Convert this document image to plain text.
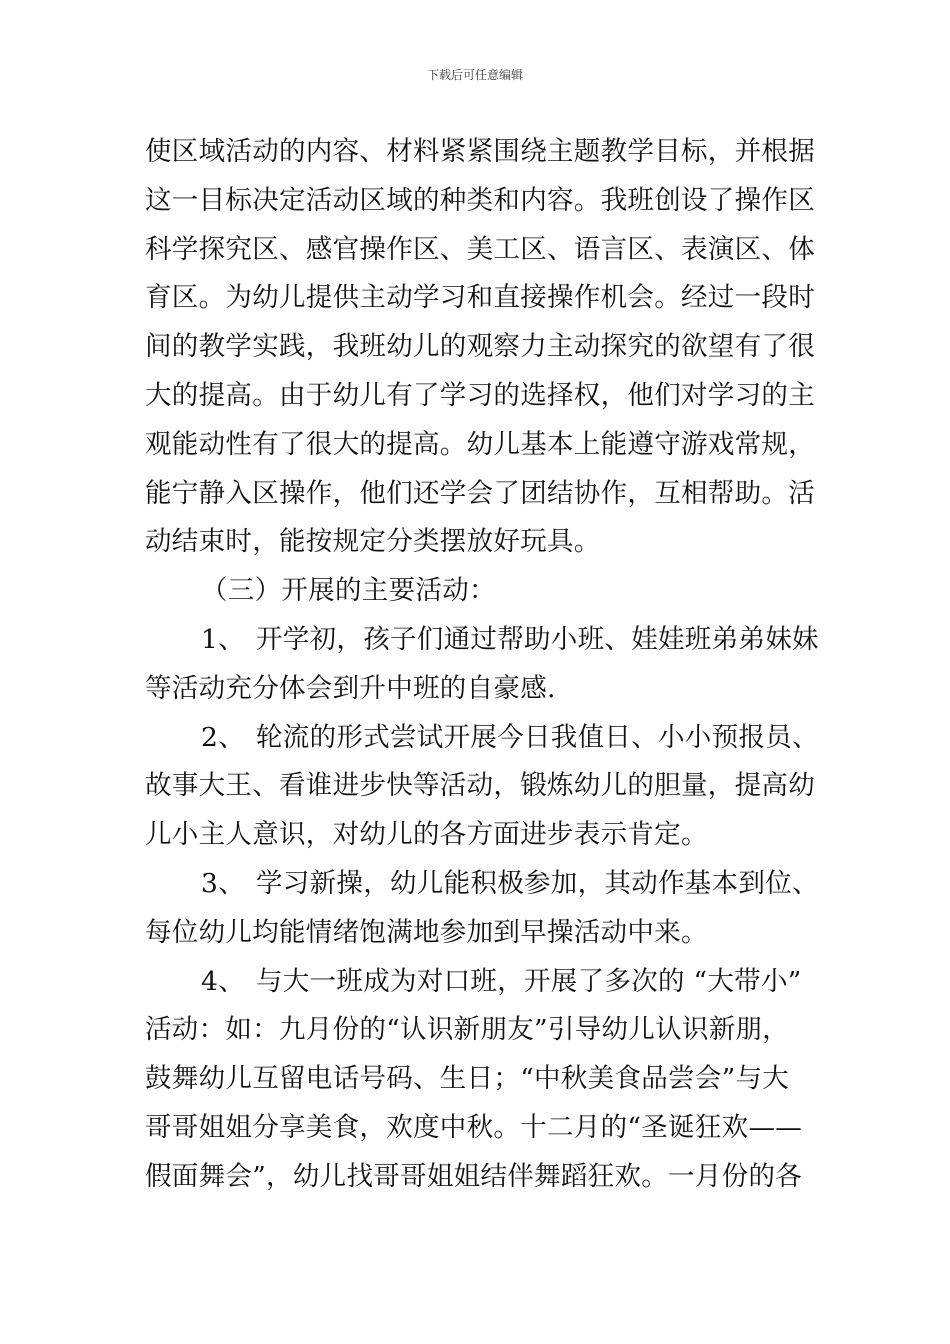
下载后可任意编辑
使区域活动的内容、材料紧紧围绕主题教学目标，并根据
这一目标决定活动区域的种类和内容。我班创设了操作区
科学探究区、感官操作区、美工区、语言区、表演区、体
育区。为幼儿提供主动学习和直接操作机会。经过一段时
间的教学实践，我班幼儿的观察力主动探究的欲望有了很
大的提高。由于幼儿有了学习的选择权，他们对学习的主
观能动性有了很大的提高。幼儿基本上能遵守游戏常规，
能宁静入区操作，他们还学会了团结协作，互相帮助。活
动结束时，能按规定分类摆放好玩具。
（三）开展的主要活动：
1、 开学初，孩子们通过帮助小班、娃娃班弟弟妹妹
等活动充分体会到升中班的自豪感.
2、 轮流的形式尝试开展今日我值日、小小预报员、
故事大王、看谁进步快等活动，锻炼幼儿的胆量，提高幼
儿小主人意识，对幼儿的各方面进步表示肯定。
3、 学习新操，幼儿能积极参加，其动作基本到位、
每位幼儿均能情绪饱满地参加到早操活动中来。
4、 与大一班成为对口班，开展了多次的 “大带小”
活动：如：九月份的“认识新朋友”引导幼儿认识新朋，
鼓舞幼儿互留电话号码、生日；“中秋美食品尝会”与大
哥哥姐姐分享美食，欢度中秋。十二月的“圣诞狂欢——
假面舞会”，幼儿找哥哥姐姐结伴舞蹈狂欢。一月份的各
